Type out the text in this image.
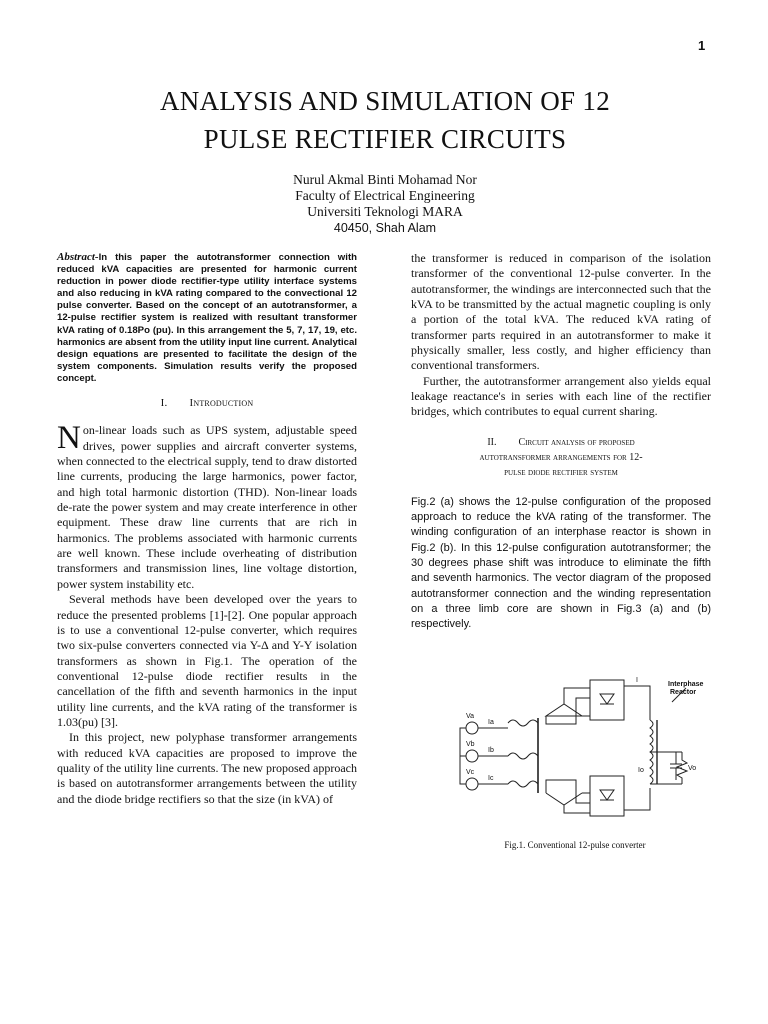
1
ANALYSIS AND SIMULATION OF 12
PULSE RECTIFIER CIRCUITS
Nurul Akmal Binti Mohamad Nor
Faculty of Electrical Engineering
Universiti Teknologi MARA
40450, Shah Alam

Abstract-In this paper the autotransformer connection with reduced kVA capacities are presented for harmonic current reduction in power diode rectifier-type utility interface systems and also reducing in kVA rating compared to the convectional 12 pulse converter. Based on the concept of an autotransformer, a 12-pulse rectifier system is realized with resultant transformer kVA rating of 0.18Po (pu). In this arrangement the 5, 7, 17, 19, etc. harmonics are absent from the utility input line current. Analytical design equations are presented to facilitate the design of the system components. Simulation results verify the proposed concept.

I. Introduction

Non-linear loads such as UPS system, adjustable speed drives, power supplies and aircraft converter systems, when connected to the electrical supply, tend to draw distorted line currents, producing the large harmonics, power factor, and high total harmonic distortion (THD). Non-linear loads de-rate the power system and may create interference in other equipment. These draw line currents that are rich in harmonics. The problems associated with harmonic currents are well known. These include overheating of distribution transformers and transmission lines, line voltage distortion, power system instability etc.

Several methods have been developed over the years to reduce the presented problems [1]-[2]. One popular approach is to use a conventional 12-pulse converter, which requires two six-pulse converters connected via Y-Δ and Y-Y isolation transformers as shown in Fig.1. The operation of the conventional 12-pulse diode rectifier results in the cancellation of the fifth and seventh harmonics in the input utility line currents, and the kVA rating of the transformer is 1.03(pu) [3].

In this project, new polyphase transformer arrangements with reduced kVA capacities are proposed to improve the quality of the utility line currents. The new proposed approach is based on autotransformer arrangements between the utility and the diode bridge rectifiers so that the size (in kVA) of

the transformer is reduced in comparison of the isolation transformer of the conventional 12-pulse converter. In the autotransformer, the windings are interconnected such that the kVA to be transmitted by the actual magnetic coupling is only a portion of the total kVA. The reduced kVA rating of transformer parts required in an autotransformer to make it physically smaller, less costly, and higher efficiency than conventional transformers.

Further, the autotransformer arrangement also yields equal leakage reactance's in series with each line of the rectifier bridges, which contributes to equal current sharing.

II. Circuit analysis of proposed
autotransformer arrangements for 12-
pulse diode rectifier system

Fig.2 (a) shows the 12-pulse configuration of the proposed approach to reduce the kVA rating of the transformer. The winding configuration of an interphase reactor is shown in Fig.2 (b). In this 12-pulse configuration autotransformer; the 30 degrees phase shift was introduce to eliminate the fifth and seventh harmonics. The vector diagram of the proposed autotransformer connection and the winding representation on a three limb core are shown in Fig.3 (a) and (b) respectively.

Interphase
Reactor
I
Va
Vb
Vc
Ia
Ib
Ic
Vo
Io
Fig.1. Conventional 12-pulse converter
